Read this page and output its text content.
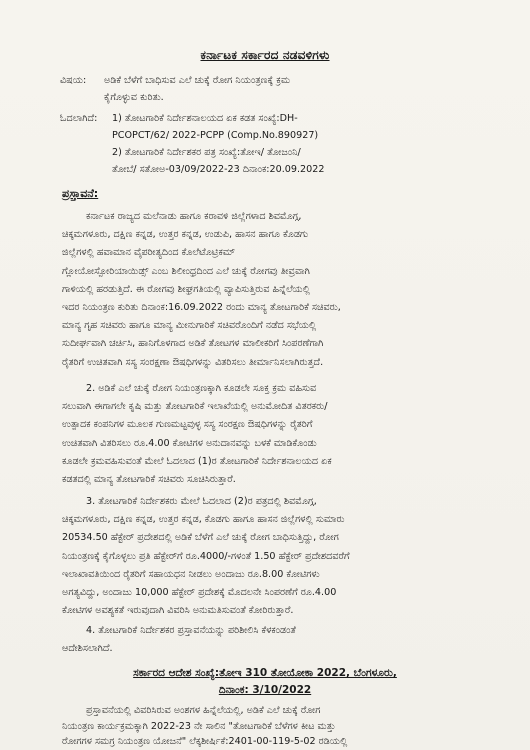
ಕರ್ನಾಟಕ ಸರ್ಕಾರದ ನಡವಳಿಗಳು
ವಿಷಯ: ಅಡಿಕೆ ಬೆಳೆಗೆ ಬಾಧಿಸುವ ಎಲೆ ಚುಕ್ಕೆ ರೋಗ ನಿಯಂತ್ರಣಕ್ಕೆ ಕ್ರಮ
ಕೈಗೊಳ್ಳುವ ಕುರಿತು.
ಓದಲಾಗಿದೆ: 1) ತೋಟಗಾರಿಕೆ ನಿರ್ದೇಶನಾಲಯದ ಏಕ ಕಡತ ಸಂಖ್ಯೆ:DH-
PCOPCT/62/ 2022-PCPP (Comp.No.890927)
2) ತೋಟಗಾರಿಕೆ ನಿರ್ದೇಶಕರ ಪತ್ರ ಸಂಖ್ಯೆ:ತೋಇ/ ತೋಜಂನಿ/
ತೋಬೆ/ ಸತೋಅ-03/09/2022-23 ದಿನಾಂಕ:20.09.2022
ಪ್ರಸ್ತಾವನೆ:
ಕರ್ನಾಟಕ ರಾಜ್ಯದ ಮಲೆನಾಡು ಹಾಗೂ ಕರಾವಳಿ ಜಿಲ್ಲೆಗಳಾದ ಶಿವಮೊಗ್ಗ,
ಚಿಕ್ಕಮಗಳೂರು, ದಕ್ಷಿಣ ಕನ್ನಡ, ಉತ್ತರ ಕನ್ನಡ, ಉಡುಪಿ, ಹಾಸನ ಹಾಗೂ ಕೊಡಗು
ಜಿಲ್ಲೆಗಳಲ್ಲಿ ಹವಾಮಾನ ವೈಪರೀತ್ಯದಿಂದ ಕೊಲೆಟೊಟ್ರಿಕಮ್
ಗ್ಲೋಯೋಸ್ಪೋರಿಯಾಯಿಡ್ಸ್ ಎಂಬ ಶಿಲೀಂಧ್ರದಿಂದ ಎಲೆ ಚುಕ್ಕೆ ರೋಗವು ತೀವ್ರವಾಗಿ
ಗಾಳಿಯಲ್ಲಿ ಹರಡುತ್ತಿದೆ. ಈ ರೋಗವು ಶೀಘ್ರಗತಿಯಲ್ಲಿ ವ್ಯಾಪಿಸುತ್ತಿರುವ ಹಿನ್ನೆಲೆಯಲ್ಲಿ
ಇದರ ನಿಯಂತ್ರಣ ಕುರಿತು ದಿನಾಂಕ:16.09.2022 ರಂದು ಮಾನ್ಯ ತೋಟಗಾರಿಕೆ ಸಚಿವರು,
ಮಾನ್ಯ ಗೃಹ ಸಚಿವರು ಹಾಗೂ ಮಾನ್ಯ ಮೀನುಗಾರಿಕೆ ಸಚಿವರೊಂದಿಗೆ ನಡೆದ ಸಭೆಯಲ್ಲಿ
ಸುದೀರ್ಘವಾಗಿ ಚರ್ಚಿಸಿ, ಹಾನಿಗೊಳಗಾದ ಅಡಿಕೆ ತೋಟಗಳ ಮಾಲೀಕರಿಗೆ ಸಿಂಪರಣೆಗಾಗಿ
ರೈತರಿಗೆ ಉಚಿತವಾಗಿ ಸಸ್ಯ ಸಂರಕ್ಷಣಾ ಔಷಧಿಗಳನ್ನು ವಿತರಿಸಲು ತೀರ್ಮಾನಿಸಲಾಗಿರುತ್ತದೆ.
2. ಅಡಿಕೆ ಎಲೆ ಚುಕ್ಕೆ ರೋಗ ನಿಯಂತ್ರಣಕ್ಕಾಗಿ ಕೂಡಲೇ ಸೂಕ್ತ ಕ್ರಮ ವಹಿಸುವ
ಸಲುವಾಗಿ ಈಗಾಗಲೇ ಕೃಷಿ ಮತ್ತು ತೋಟಗಾರಿಕೆ ಇಲಾಖೆಯಲ್ಲಿ ಅನುಮೋದಿತ ವಿತರಕರು/
ಉತ್ಪಾದಕ ಕಂಪನಿಗಳ ಮೂಲಕ ಗುಣಮಟ್ಟವುಳ್ಳ ಸಸ್ಯ ಸಂರಕ್ಷಣ ಔಷಧಿಗಳನ್ನು ರೈತರಿಗೆ
ಉಚಿತವಾಗಿ ವಿತರಿಸಲು ರೂ.4.00 ಕೋಟಿಗಳ ಅನುದಾನವನ್ನು ಬಳಕೆ ಮಾಡಿಕೊಂಡು
ಕೂಡಲೇ ಕ್ರಮವಹಿಸುವಂತೆ ಮೇಲೆ ಓದಲಾದ (1)ರ ತೋಟಗಾರಿಕೆ ನಿರ್ದೇಶನಾಲಯದ ಏಕ
ಕಡತದಲ್ಲಿ ಮಾನ್ಯ ತೋಟಗಾರಿಕೆ ಸಚಿವರು ಸೂಚಿಸಿರುತ್ತಾರೆ.
3. ತೋಟಗಾರಿಕೆ ನಿರ್ದೇಶಕರು ಮೇಲೆ ಓದಲಾದ (2)ರ ಪತ್ರದಲ್ಲಿ ಶಿವಮೊಗ್ಗ,
ಚಿಕ್ಕಮಗಳೂರು, ದಕ್ಷಿಣ ಕನ್ನಡ, ಉತ್ತರ ಕನ್ನಡ, ಕೊಡಗು ಹಾಗೂ ಹಾಸನ ಜಿಲ್ಲೆಗಳಲ್ಲಿ ಸುಮಾರು
20534.50 ಹೆಕ್ಟೇರ್ ಪ್ರದೇಶದಲ್ಲಿ ಅಡಿಕೆ ಬೆಳೆಗೆ ಎಲೆ ಚುಕ್ಕೆ ರೋಗ ಬಾಧಿಸುತ್ತಿದ್ದು, ರೋಗ
ನಿಯಂತ್ರಣಕ್ಕೆ ಕೈಗೊಳ್ಳಲು ಪ್ರತಿ ಹೆಕ್ಟೇರ್‌ಗೆ ರೂ.4000/-ಗಳಂತೆ 1.50 ಹೆಕ್ಟೇರ್ ಪ್ರದೇಶದವರೆಗೆ
ಇಲಾಖಾವತಿಯಿಂದ ರೈತರಿಗೆ ಸಹಾಯಧನ ನೀಡಲು ಅಂದಾಜು ರೂ.8.00 ಕೋಟಿಗಳು
ಅಗತ್ಯವಿದ್ದು, ಅಂದಾಜು 10,000 ಹೆಕ್ಟೇರ್ ಪ್ರದೇಶಕ್ಕೆ ಮೊದಲನೇ ಸಿಂಪರಣೆಗೆ ರೂ.4.00
ಕೋಟಿಗಳ ಅವಶ್ಯಕತೆ ಇರುವುದಾಗಿ ವಿವರಿಸಿ ಅನುಮತಿಸುವಂತೆ ಕೋರಿರುತ್ತಾರೆ.
4. ತೋಟಗಾರಿಕೆ ನಿರ್ದೇಶಕರ ಪ್ರಸ್ತಾವನೆಯನ್ನು ಪರಿಶೀಲಿಸಿ ಕೆಳಕಂಡಂತೆ
ಆದೇಶಿಸಲಾಗಿದೆ.
ಸರ್ಕಾರದ ಆದೇಶ ಸಂಖ್ಯೆ:ತೋಇ 310 ತೋಯೋಕಾ 2022, ಬೆಂಗಳೂರು,
ದಿನಾಂಕ: 3/10/2022
ಪ್ರಸ್ತಾವನೆಯಲ್ಲಿ ವಿವರಿಸಿರುವ ಅಂಶಗಳ ಹಿನ್ನೆಲೆಯಲ್ಲಿ, ಅಡಿಕೆ ಎಲೆ ಚುಕ್ಕೆ ರೋಗ
ನಿಯಂತ್ರಣ ಕಾರ್ಯಕ್ರಮಕ್ಕಾಗಿ 2022-23 ನೇ ಸಾಲಿನ "ತೋಟಗಾರಿಕೆ ಬೆಳೆಗಳ ಕೀಟ ಮತ್ತು
ರೋಗಗಳ ಸಮಗ್ರ ನಿಯಂತ್ರಣ ಯೋಜನೆ" ಲೆಕ್ಕಶೀರ್ಷಿಕೆ:2401-00-119-5-02 ರಡಿಯಲ್ಲಿ
